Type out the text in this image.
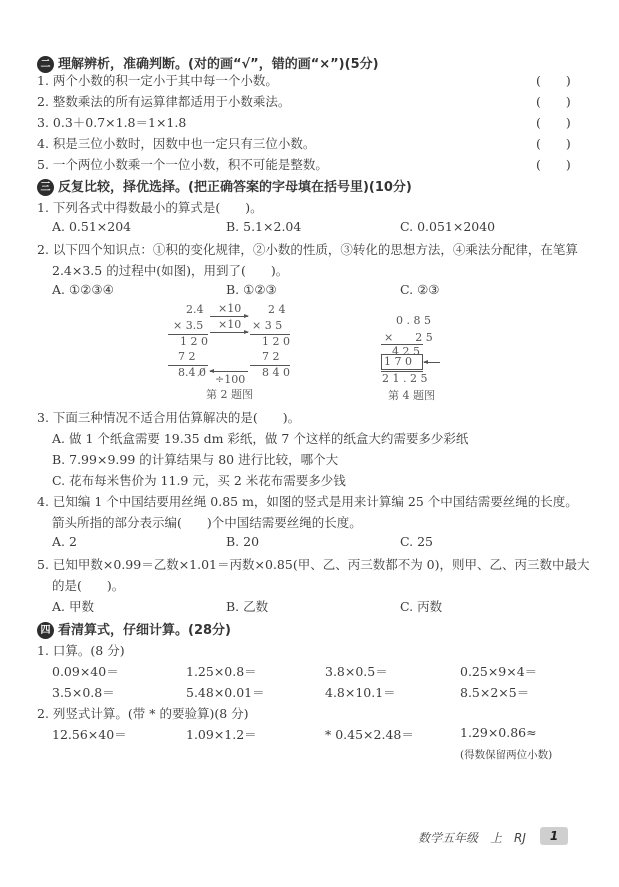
二 理解辨析，准确判断。(对的画“√”，错的画“×”)(5分)
1. 两个小数的积一定小于其中每一个小数。	(　　)
2. 整数乘法的所有运算律都适用于小数乘法。	(　　)
3. 0.3＋0.7×1.8＝1×1.8	(　　)
4. 积是三位小数时，因数中也一定只有三位小数。	(　　)
5. 一个两位小数乘一个一位小数，积不可能是整数。	(　　)
三 反复比较，择优选择。(把正确答案的字母填在括号里)(10分)
1. 下列各式中得数最小的算式是(　　)。
A. 0.51×204	B. 5.1×2.04	C. 0.051×2040
2. 以下四个知识点：①积的变化规律，②小数的性质，③转化的思想方法，④乘法分配律，在笔算
2.4×3.5 的过程中(如图)，用到了(　　)。
A. ①②③④	B. ①②③	C. ②③
2.4
× 3.5
1 2 0
7 2
8.4 0̸
×10
×10
÷100
2 4
× 3 5
1 2 0
7 2
8 4 0
第 2 题图
0 . 8 5
×　　2 5
4 2 5
1 7 0
2 1 . 2 5
第 4 题图
3. 下面三种情况不适合用估算解决的是(　　)。
A. 做 1 个纸盒需要 19.35 dm 彩纸，做 7 个这样的纸盒大约需要多少彩纸
B. 7.99×9.99 的计算结果与 80 进行比较，哪个大
C. 花布每米售价为 11.9 元，买 2 米花布需要多少钱
4. 已知编 1 个中国结要用丝绳 0.85 m，如图的竖式是用来计算编 25 个中国结需要丝绳的长度。
箭头所指的部分表示编(　　)个中国结需要丝绳的长度。
A. 2	B. 20	C. 25
5. 已知甲数×0.99＝乙数×1.01＝丙数×0.85(甲、乙、丙三数都不为 0)，则甲、乙、丙三数中最大
的是(　　)。
A. 甲数	B. 乙数	C. 丙数
四 看清算式，仔细计算。(28分)
1. 口算。(8 分)
0.09×40＝	1.25×0.8＝	3.8×0.5＝	0.25×9×4＝
3.5×0.8＝	5.48×0.01＝	4.8×10.1＝	8.5×2×5＝
2. 列竖式计算。(带 * 的要验算)(8 分)
12.56×40＝	1.09×1.2＝	* 0.45×2.48＝	1.29×0.86≈
(得数保留两位小数)
数学五年级　上　RJ	1
